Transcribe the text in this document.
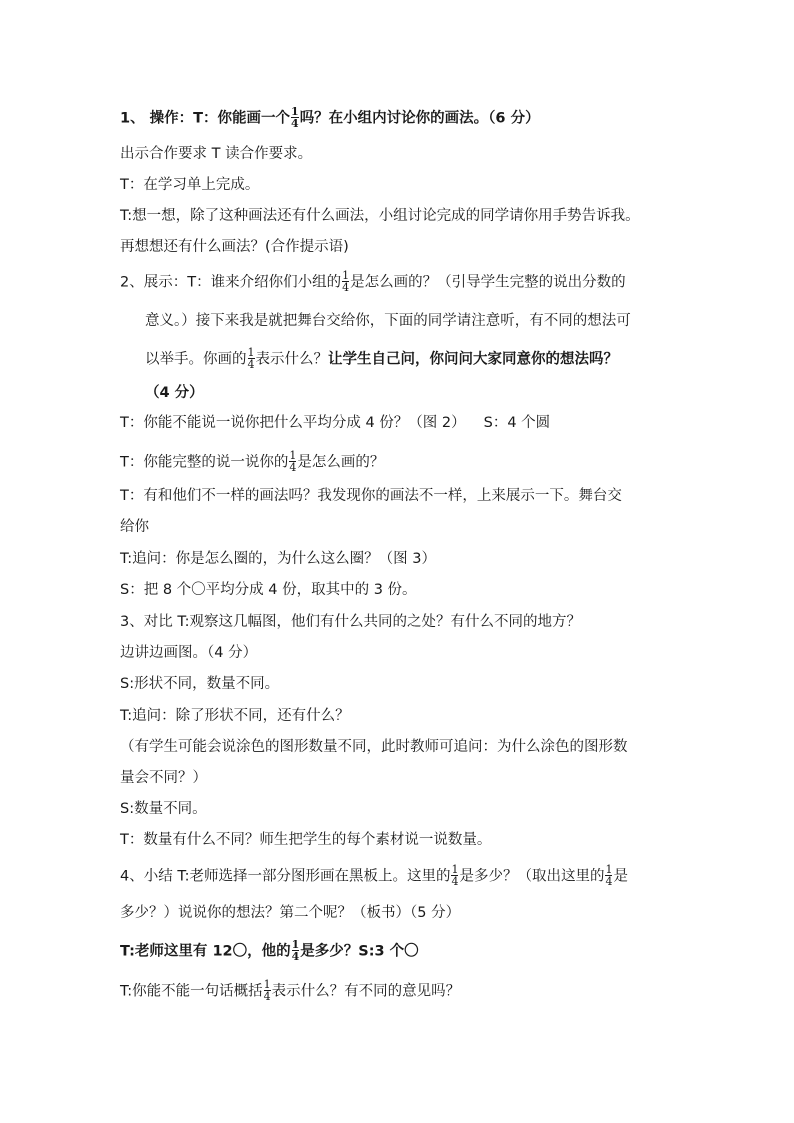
1、 操作：T：你能画一个 $\frac{1}{4}$ 吗？在小组内讨论你的画法。（6 分）
出示合作要求 T 读合作要求。
T：在学习单上完成。
T:想一想，除了这种画法还有什么画法，小组讨论完成的同学请你用手势告诉我。
再想想还有什么画法？(合作提示语)
2、展示：T：谁来介绍你们小组的 $\frac{1}{4}$ 是怎么画的？（引导学生完整的说出分数的
意义。）接下来我是就把舞台交给你，下面的同学请注意听，有不同的想法可
以举手。你画的 $\frac{1}{4}$ 表示什么？让学生自己问，你问问大家同意你的想法吗？
（4 分）
T：你能不能说一说你把什么平均分成 4 份？（图 2） S：4 个圆
T：你能完整的说一说你的 $\frac{1}{4}$ 是怎么画的？
T：有和他们不一样的画法吗？我发现你的画法不一样，上来展示一下。舞台交
给你
T:追问：你是怎么圈的，为什么这么圈？（图 3）
S：把 8 个〇平均分成 4 份，取其中的 3 份。
3、对比 T:观察这几幅图，他们有什么共同的之处？有什么不同的地方？
边讲边画图。（4 分）
S:形状不同，数量不同。
T:追问：除了形状不同，还有什么？
（有学生可能会说涂色的图形数量不同，此时教师可追问：为什么涂色的图形数
量会不同？）
S:数量不同。
T：数量有什么不同？师生把学生的每个素材说一说数量。
4、小结 T:老师选择一部分图形画在黑板上。这里的 $\frac{1}{4}$ 是多少？（取出这里的 $\frac{1}{4}$ 是
多少？）说说你的想法？第二个呢？（板书）（5 分）
T:老师这里有 12〇，他的 $\frac{1}{4}$ 是多少？S:3 个〇
T:你能不能一句话概括 $\frac{1}{4}$ 表示什么？有不同的意见吗？
